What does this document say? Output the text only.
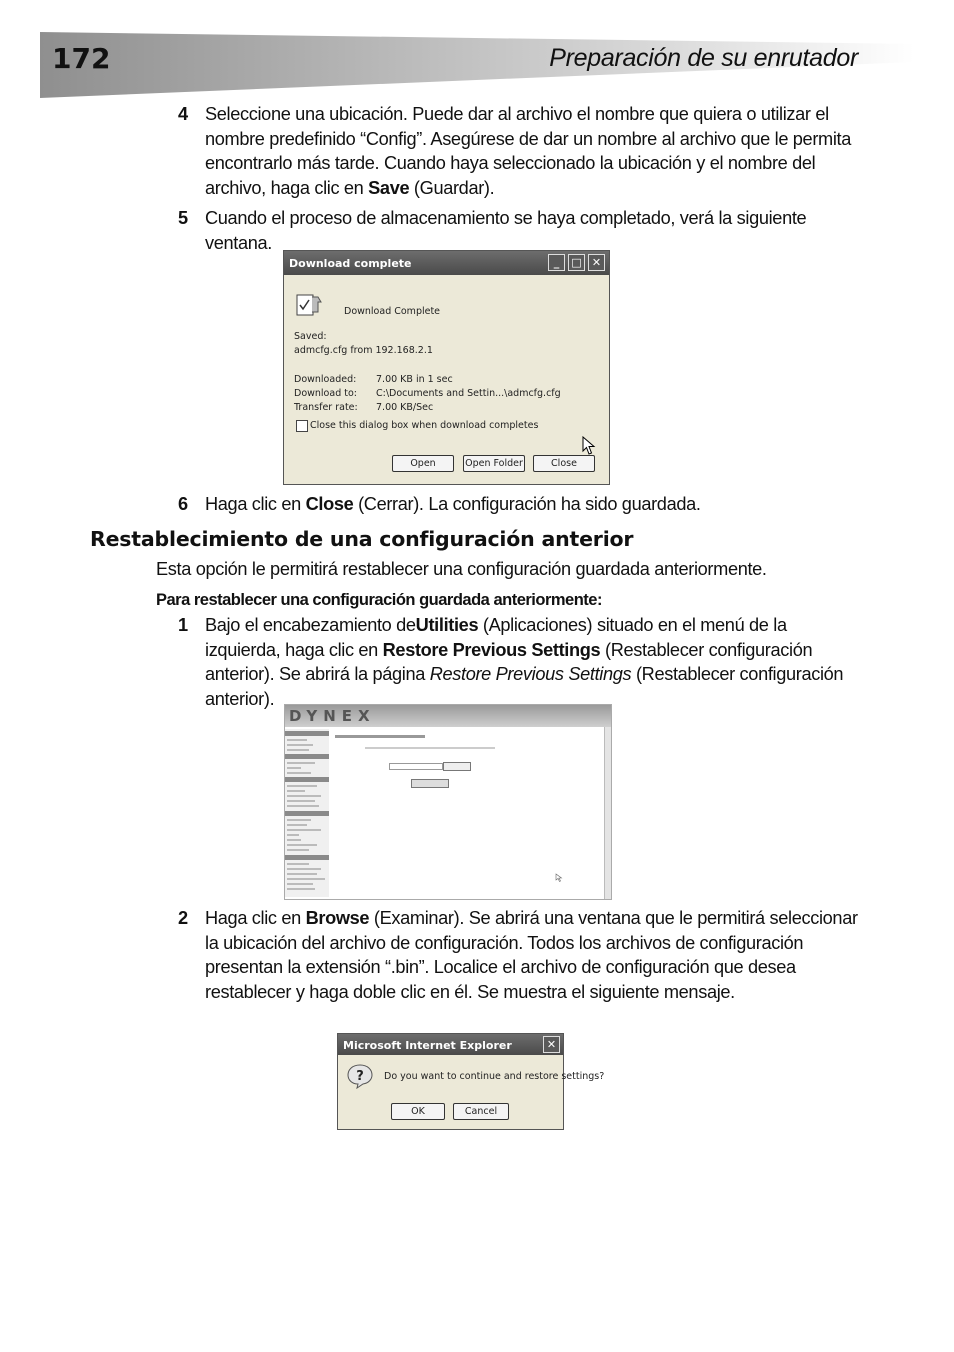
172	Preparación de su enrutador
4 Seleccione una ubicación. Puede dar al archivo el nombre que quiera o utilizar el nombre predefinido “Config”. Asegúrese de dar un nombre al archivo que le permita encontrarlo más tarde. Cuando haya seleccionado la ubicación y el nombre del archivo, haga clic en Save (Guardar).
5 Cuando el proceso de almacenamiento se haya completado, verá la siguiente ventana.
Download complete	_	□ ✕
Download Complete
Saved:
admcfg.cfg from 192.168.2.1
Downloaded: 7.00 KB in 1 sec
Download to: C:\Documents and Settin...\admcfg.cfg
Transfer rate: 7.00 KB/Sec
Close this dialog box when download completes
Open	Open Folder	Close
6 Haga clic en Close (Cerrar). La configuración ha sido guardada.
Restablecimiento de una configuración anterior
Esta opción le permitirá restablecer una configuración guardada anteriormente.
Para restablecer una configuración guardada anteriormente:
1 Bajo el encabezamiento deUtilities (Aplicaciones) situado en el menú de la izquierda, haga clic en Restore Previous Settings (Restablecer configuración anterior). Se abrirá la página Restore Previous Settings (Restablecer configuración anterior).
DYNEX
2 Haga clic en Browse (Examinar). Se abrirá una ventana que le permitirá seleccionar la ubicación del archivo de configuración. Todos los archivos de configuración presentan la extensión “.bin”. Localice el archivo de configuración que desea restablecer y haga doble clic en él. Se muestra el siguiente mensaje.
Microsoft Internet Explorer	✕
? Do you want to continue and restore settings?
OK	Cancel
